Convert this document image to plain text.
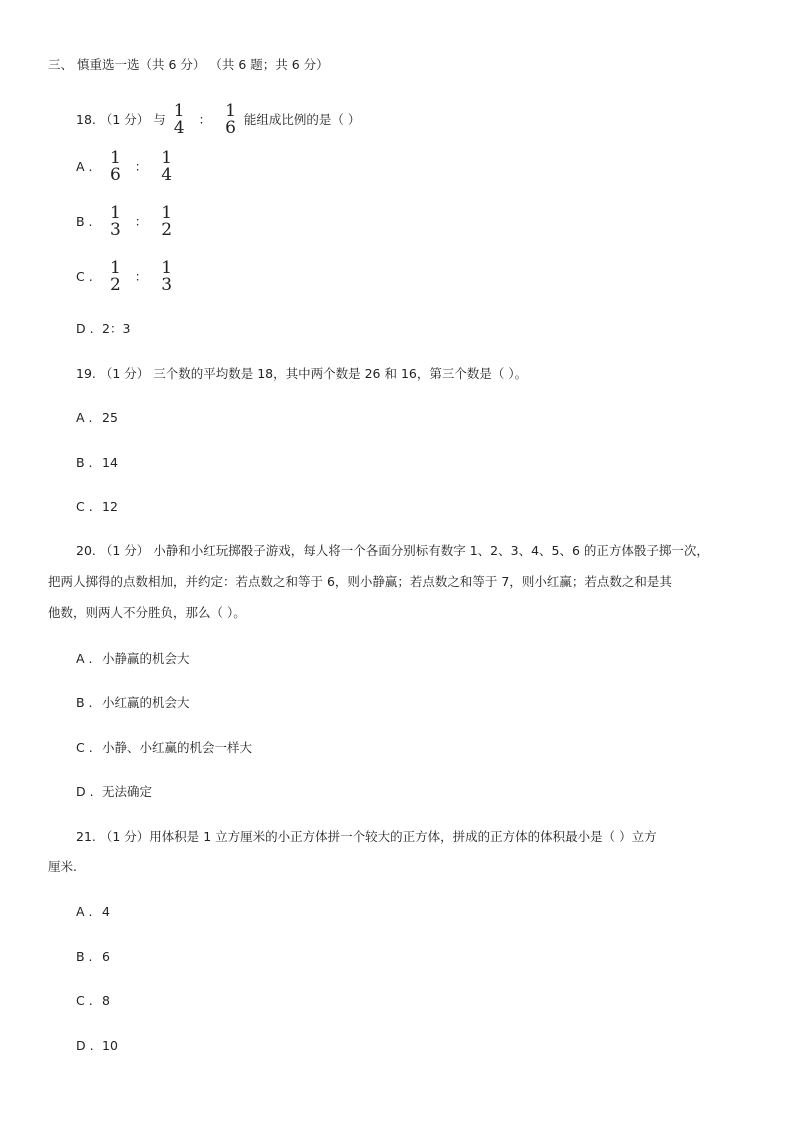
三、 慎重选一选（共 6 分） （共 6 题；共 6 分）
18. （1 分） 与 1
4 ： 1
6 能组成比例的是（ ）
A . 1
6 ： 1
4
B . 1
3 ： 1
2
C . 1
2 ： 1
3
D . 2：3
19. （1 分） 三个数的平均数是 18，其中两个数是 26 和 16，第三个数是（ ）。
A . 25
B . 14
C . 12
20. （1 分） 小静和小红玩掷骰子游戏，每人将一个各面分别标有数字 1、2、3、4、5、6 的正方体骰子掷一次，
把两人掷得的点数相加，并约定：若点数之和等于 6，则小静赢；若点数之和等于 7，则小红赢；若点数之和是其
他数，则两人不分胜负，那么（ ）。
A . 小静赢的机会大
B . 小红赢的机会大
C . 小静、小红赢的机会一样大
D . 无法确定
21. （1 分）用体积是 1 立方厘米的小正方体拼一个较大的正方体，拼成的正方体的体积最小是（ ）立方
厘米.
A . 4
B . 6
C . 8
D . 10
